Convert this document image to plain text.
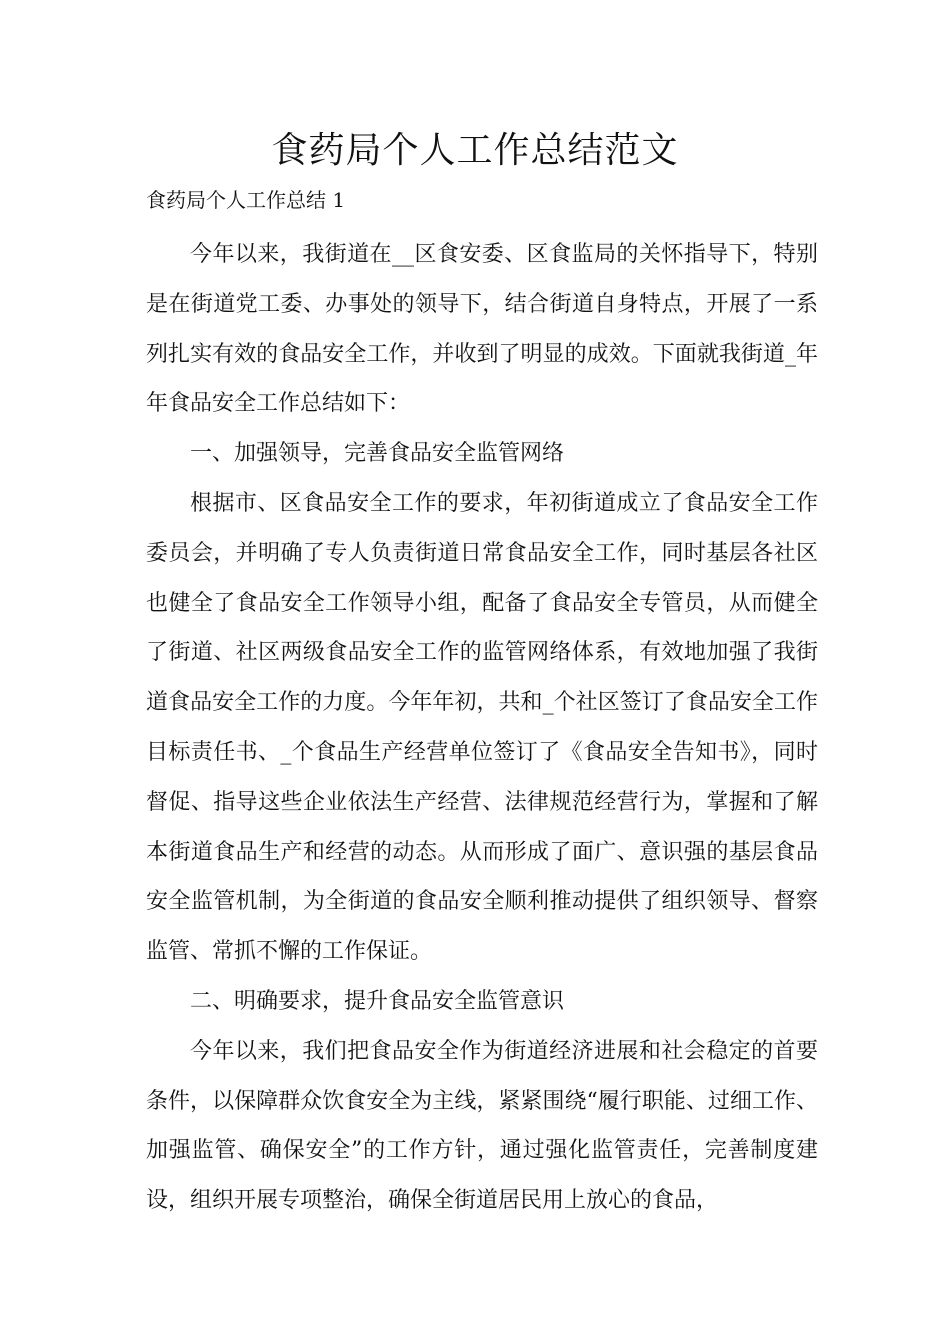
食药局个人工作总结范文
食药局个人工作总结 1

今年以来，我街道在__区食安委、区食监局的关怀指导下，特别是在街道党工委、办事处的领导下，结合街道自身特点，开展了一系列扎实有效的食品安全工作，并收到了明显的成效。下面就我街道_年年食品安全工作总结如下：

一、加强领导，完善食品安全监管网络

根据市、区食品安全工作的要求，年初街道成立了食品安全工作委员会，并明确了专人负责街道日常食品安全工作，同时基层各社区也健全了食品安全工作领导小组，配备了食品安全专管员，从而健全了街道、社区两级食品安全工作的监管网络体系，有效地加强了我街道食品安全工作的力度。今年年初，共和_个社区签订了食品安全工作目标责任书、_个食品生产经营单位签订了《食品安全告知书》，同时督促、指导这些企业依法生产经营、法律规范经营行为，掌握和了解本街道食品生产和经营的动态。从而形成了面广、意识强的基层食品安全监管机制，为全街道的食品安全顺利推动提供了组织领导、督察监管、常抓不懈的工作保证。

二、明确要求，提升食品安全监管意识

今年以来，我们把食品安全作为街道经济进展和社会稳定的首要条件，以保障群众饮食安全为主线，紧紧围绕“履行职能、过细工作、加强监管、确保安全”的工作方针，通过强化监管责任，完善制度建设，组织开展专项整治，确保全街道居民用上放心的食品，
